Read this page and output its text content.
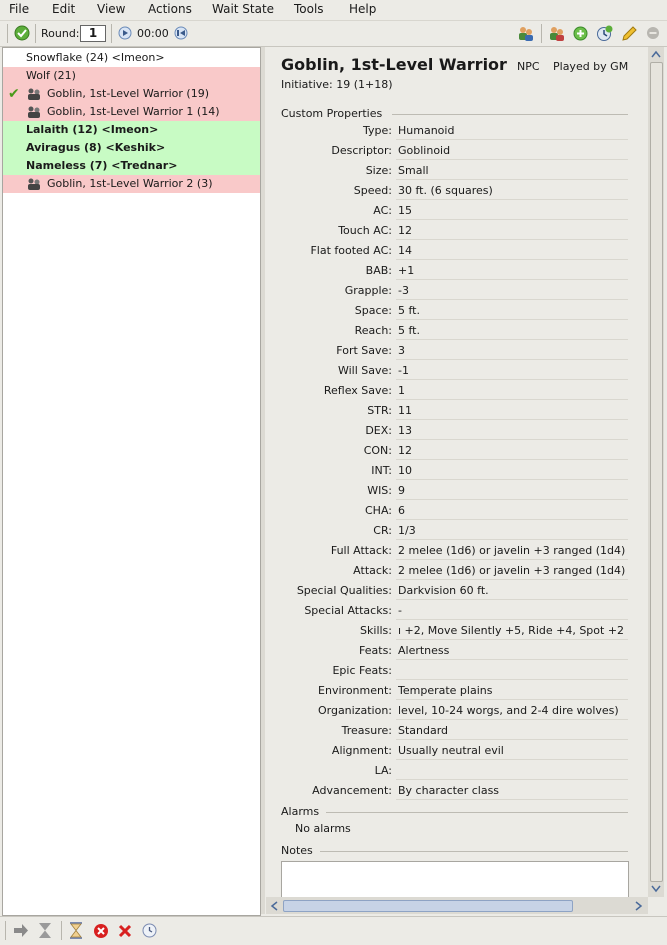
File Edit View Actions Wait State Tools Help
Round: 1	00:00
Snowflake (24) <Imeon>
Wolf (21)
✔ Goblin, 1st-Level Warrior (19)
Goblin, 1st-Level Warrior 1 (14)
Lalaith (12) <Imeon>
Aviragus (8) <Keshik>
Nameless (7) <Trednar>
Goblin, 1st-Level Warrior 2 (3)
Goblin, 1st-Level Warrior NPC Played by GM
Initiative: 19 (1+18)
Custom Properties
Type: Humanoid
Descriptor: Goblinoid
Size: Small
Speed: 30 ft. (6 squares)
AC: 15
Touch AC: 12
Flat footed AC: 14
BAB: +1
Grapple: -3
Space: 5 ft.
Reach: 5 ft.
Fort Save: 3
Will Save: -1
Reflex Save: 1
STR: 11
DEX: 13
CON: 12
INT: 10
WIS: 9
CHA: 6
CR: 1/3
Full Attack: 2 melee (1d6) or javelin +3 ranged (1d4)
Attack: 2 melee (1d6) or javelin +3 ranged (1d4)
Special Qualities: Darkvision 60 ft.
Special Attacks: -
Skills: ı +2, Move Silently +5, Ride +4, Spot +2
Feats: Alertness
Epic Feats:
Environment: Temperate plains
Organization: level, 10-24 worgs, and 2-4 dire wolves)
Treasure: Standard
Alignment: Usually neutral evil
LA:
Advancement: By character class
Alarms
No alarms
Notes
